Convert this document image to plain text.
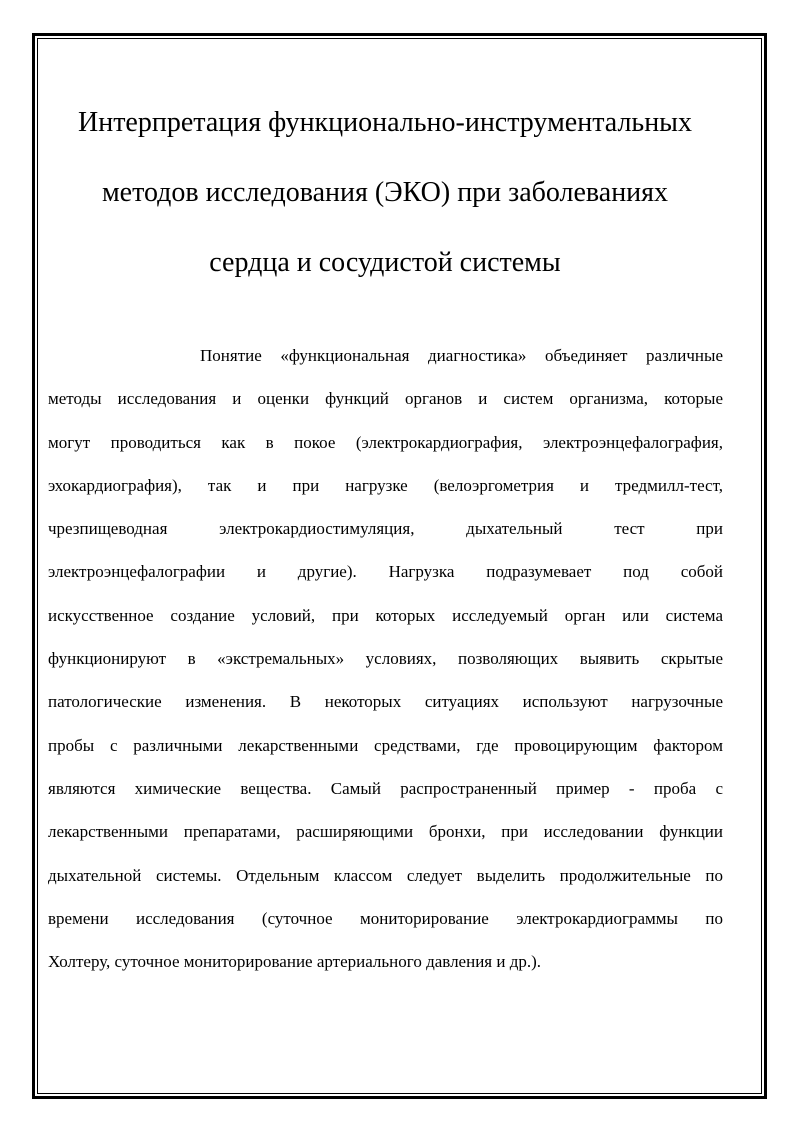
Интерпретация функционально-инструментальных
методов исследования (ЭКО) при заболеваниях
сердца и сосудистой системы
Понятие «функциональная диагностика» объединяет различные
методы исследования и оценки функций органов и систем организма, которые
могут проводиться как в покое (электрокардиография, электроэнцефалография,
эхокардиография), так и при нагрузке (велоэргометрия и тредмилл-тест,
чрезпищеводная электрокардиостимуляция, дыхательный тест при
электроэнцефалографии и другие). Нагрузка подразумевает под собой
искусственное создание условий, при которых исследуемый орган или система
функционируют в «экстремальных» условиях, позволяющих выявить скрытые
патологические изменения. В некоторых ситуациях используют нагрузочные
пробы с различными лекарственными средствами, где провоцирующим фактором
являются химические вещества. Самый распространенный пример - проба с
лекарственными препаратами, расширяющими бронхи, при исследовании функции
дыхательной системы. Отдельным классом следует выделить продолжительные по
времени исследования (суточное мониторирование электрокардиограммы по
Холтеру, суточное мониторирование артериального давления и др.).
